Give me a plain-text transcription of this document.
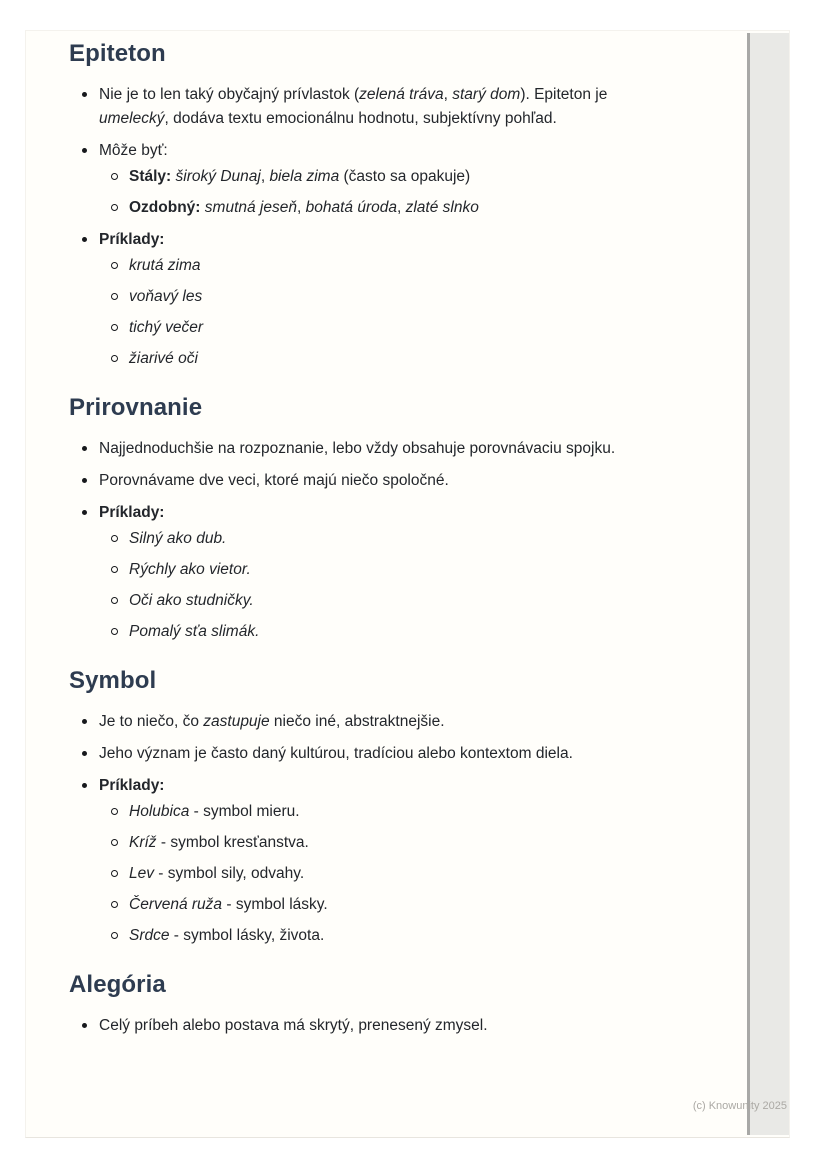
Epiteton
Nie je to len taký obyčajný prívlastok (zelená tráva, starý dom). Epiteton je
umelecký, dodáva textu emocionálnu hodnotu, subjektívny pohľad.
Môže byť:
Stály: široký Dunaj, biela zima (často sa opakuje)
Ozdobný: smutná jeseň, bohatá úroda, zlaté slnko
Príklady:
krutá zima
voňavý les
tichý večer
žiarivé oči
Prirovnanie
Najjednoduchšie na rozpoznanie, lebo vždy obsahuje porovnávaciu spojku.
Porovnávame dve veci, ktoré majú niečo spoločné.
Príklady:
Silný ako dub.
Rýchly ako vietor.
Oči ako studničky.
Pomalý sťa slimák.
Symbol
Je to niečo, čo zastupuje niečo iné, abstraktnejšie.
Jeho význam je často daný kultúrou, tradíciou alebo kontextom diela.
Príklady:
Holubica - symbol mieru.
Kríž - symbol kresťanstva.
Lev - symbol sily, odvahy.
Červená ruža - symbol lásky.
Srdce - symbol lásky, života.
Alegória
Celý príbeh alebo postava má skrytý, prenesený zmysel.
(c) Knowunity 2025
